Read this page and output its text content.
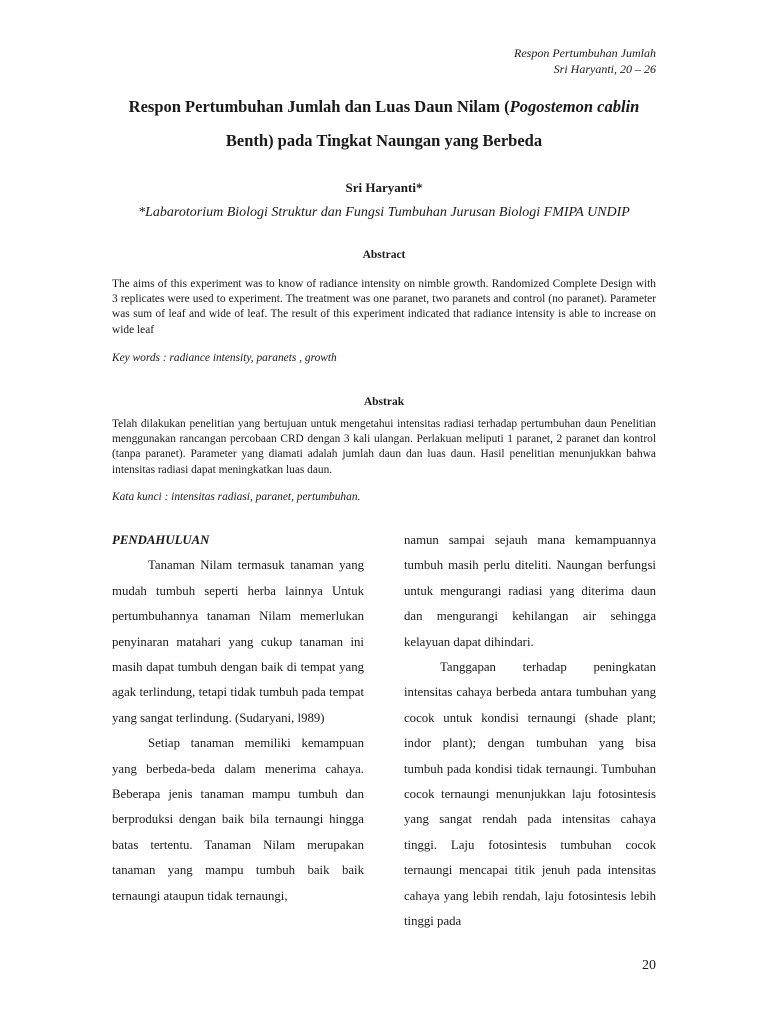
Respon Pertumbuhan Jumlah
Sri Haryanti, 20 – 26
Respon Pertumbuhan Jumlah dan Luas Daun Nilam (Pogostemon cablin Benth) pada Tingkat Naungan yang Berbeda
Sri Haryanti*
*Labarotorium Biologi Struktur dan Fungsi Tumbuhan Jurusan Biologi FMIPA UNDIP
Abstract
The aims of this experiment was to know of radiance intensity on nimble growth. Randomized Complete Design with 3 replicates were used to experiment. The treatment was one paranet, two paranets and control (no paranet). Parameter was sum of leaf and wide of leaf. The result of this experiment indicated that radiance intensity is able to increase on wide leaf
Key words : radiance intensity, paranets , growth
Abstrak
Telah dilakukan penelitian yang bertujuan untuk mengetahui intensitas radiasi terhadap pertumbuhan daun Penelitian menggunakan rancangan percobaan CRD dengan 3 kali ulangan. Perlakuan meliputi 1 paranet, 2 paranet dan kontrol (tanpa paranet). Parameter yang diamati adalah jumlah daun dan luas daun. Hasil penelitian menunjukkan bahwa intensitas radiasi dapat meningkatkan luas daun.
Kata kunci : intensitas radiasi, paranet, pertumbuhan.

PENDAHULUAN

Tanaman Nilam termasuk tanaman yang mudah tumbuh seperti herba lainnya Untuk pertumbuhannya tanaman Nilam memerlukan penyinaran matahari yang cukup tanaman ini masih dapat tumbuh dengan baik di tempat yang agak terlindung, tetapi tidak tumbuh pada tempat yang sangat terlindung. (Sudaryani, l989)

Setiap tanaman memiliki kemampuan yang berbeda-beda dalam menerima cahaya. Beberapa jenis tanaman mampu tumbuh dan berproduksi dengan baik bila ternaungi hingga batas tertentu. Tanaman Nilam merupakan tanaman yang mampu tumbuh baik baik ternaungi ataupun tidak ternaungi,

namun sampai sejauh mana kemampuannya tumbuh masih perlu diteliti. Naungan berfungsi untuk mengurangi radiasi yang diterima daun dan mengurangi kehilangan air sehingga kelayuan dapat dihindari.

Tanggapan terhadap peningkatan intensitas cahaya berbeda antara tumbuhan yang cocok untuk kondisi ternaungi (shade plant; indor plant); dengan tumbuhan yang bisa tumbuh pada kondisi tidak ternaungi. Tumbuhan cocok ternaungi menunjukkan laju fotosintesis yang sangat rendah pada intensitas cahaya tinggi. Laju fotosintesis tumbuhan cocok ternaungi mencapai titik jenuh pada intensitas cahaya yang lebih rendah, laju fotosintesis lebih tinggi pada

20
